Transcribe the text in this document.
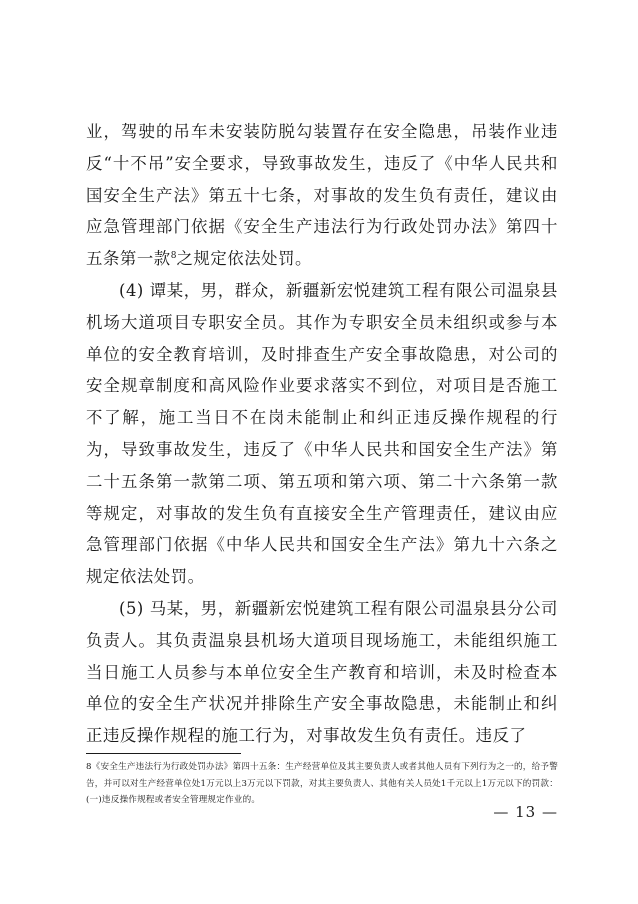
业，驾驶的吊车未安装防脱勾装置存在安全隐患，吊装作业违反“十不吊”安全要求，导致事故发生，违反了《中华人民共和国安全生产法》第五十七条，对事故的发生负有责任，建议由应急管理部门依据《安全生产违法行为行政处罚办法》第四十五条第一款$^8$之规定依法处罚。

(4) 谭某，男，群众，新疆新宏悦建筑工程有限公司温泉县机场大道项目专职安全员。其作为专职安全员未组织或参与本单位的安全教育培训，及时排查生产安全事故隐患，对公司的安全规章制度和高风险作业要求落实不到位，对项目是否施工不了解，施工当日不在岗未能制止和纠正违反操作规程的行为，导致事故发生，违反了《中华人民共和国安全生产法》第二十五条第一款第二项、第五项和第六项、第二十六条第一款等规定，对事故的发生负有直接安全生产管理责任，建议由应急管理部门依据《中华人民共和国安全生产法》第九十六条之规定依法处罚。

(5) 马某，男，新疆新宏悦建筑工程有限公司温泉县分公司负责人。其负责温泉县机场大道项目现场施工，未能组织施工当日施工人员参与本单位安全生产教育和培训，未及时检查本单位的安全生产状况并排除生产安全事故隐患，未能制止和纠正违反操作规程的施工行为，对事故发生负有责任。违反了

8《安全生产违法行为行政处罚办法》第四十五条：生产经营单位及其主要负责人或者其他人员有下列行为之一的，给予警告，并可以对生产经营单位处1万元以上3万元以下罚款，对其主要负责人、其他有关人员处1千元以上1万元以下的罚款：(一)违反操作规程或者安全管理规定作业的。
— 13 —
